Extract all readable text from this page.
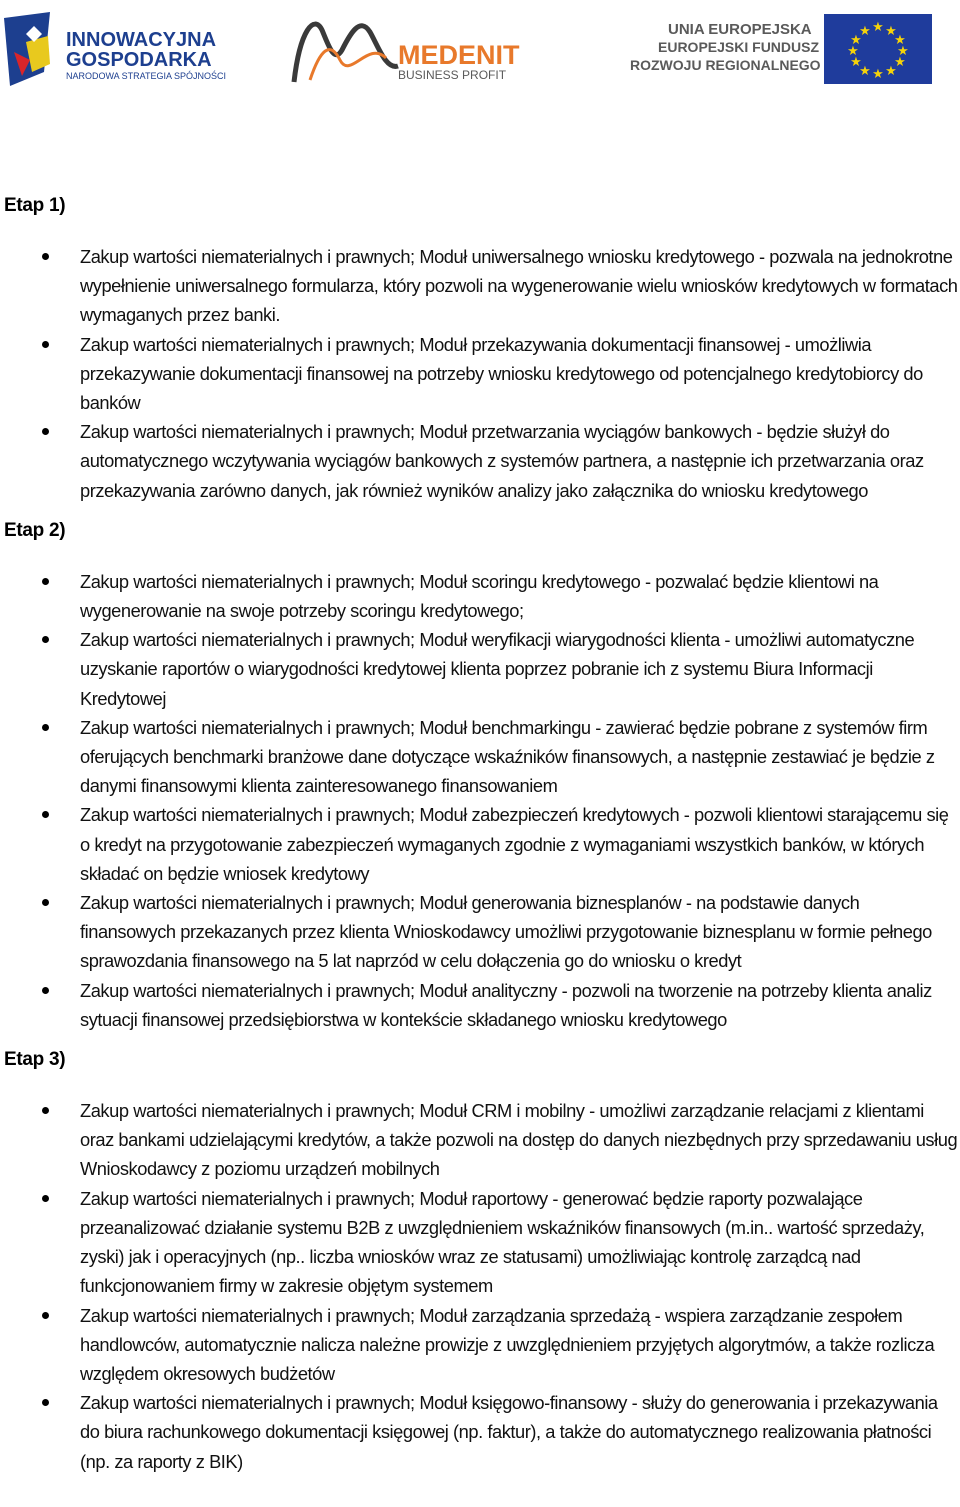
INNOWACYJNA
GOSPODARKA
NARODOWA STRATEGIA SPÓJNOŚCI
MEDENIT
BUSINESS PROFIT
UNIA EUROPEJSKA
EUROPEJSKI FUNDUSZ
ROZWOJU REGIONALNEGO
★ ★
★
★
★
★
★
★
★
★
★
★
Etap 1)
Zakup wartości niematerialnych i prawnych; Moduł uniwersalnego wniosku kredytowego - pozwala na jednokrotne wypełnienie uniwersalnego formularza, który pozwoli na wygenerowanie wielu wniosków kredytowych w formatach wymaganych przez banki.
Zakup wartości niematerialnych i prawnych; Moduł przekazywania dokumentacji finansowej - umożliwia przekazywanie dokumentacji finansowej na potrzeby wniosku kredytowego od potencjalnego kredytobiorcy do banków
Zakup wartości niematerialnych i prawnych; Moduł przetwarzania wyciągów bankowych - będzie służył do automatycznego wczytywania wyciągów bankowych z systemów partnera, a następnie ich przetwarzania oraz przekazywania zarówno danych, jak również wyników analizy jako załącznika do wniosku kredytowego
Etap 2)
Zakup wartości niematerialnych i prawnych; Moduł scoringu kredytowego - pozwalać będzie klientowi na wygenerowanie na swoje potrzeby scoringu kredytowego;
Zakup wartości niematerialnych i prawnych; Moduł weryfikacji wiarygodności klienta - umożliwi automatyczne uzyskanie raportów o wiarygodności kredytowej klienta poprzez pobranie ich z systemu Biura Informacji Kredytowej
Zakup wartości niematerialnych i prawnych; Moduł benchmarkingu - zawierać będzie pobrane z systemów firm oferujących benchmarki branżowe dane dotyczące wskaźników finansowych, a następnie zestawiać je będzie z danymi finansowymi klienta zainteresowanego finansowaniem
Zakup wartości niematerialnych i prawnych; Moduł zabezpieczeń kredytowych - pozwoli klientowi starającemu się o kredyt na przygotowanie zabezpieczeń wymaganych zgodnie z wymaganiami wszystkich banków, w których składać on będzie wniosek kredytowy
Zakup wartości niematerialnych i prawnych; Moduł generowania biznesplanów - na podstawie danych finansowych przekazanych przez klienta Wnioskodawcy umożliwi przygotowanie biznesplanu w formie pełnego sprawozdania finansowego na 5 lat naprzód w celu dołączenia go do wniosku o kredyt
Zakup wartości niematerialnych i prawnych; Moduł analityczny - pozwoli na tworzenie na potrzeby klienta analiz sytuacji finansowej przedsiębiorstwa w kontekście składanego wniosku kredytowego
Etap 3)
Zakup wartości niematerialnych i prawnych; Moduł CRM i mobilny - umożliwi zarządzanie relacjami z klientami oraz bankami udzielającymi kredytów, a także pozwoli na dostęp do danych niezbędnych przy sprzedawaniu usług Wnioskodawcy z poziomu urządzeń mobilnych
Zakup wartości niematerialnych i prawnych; Moduł raportowy - generować będzie raporty pozwalające przeanalizować działanie systemu B2B z uwzględnieniem wskaźników finansowych (m.in.. wartość sprzedaży, zyski) jak i operacyjnych (np.. liczba wniosków wraz ze statusami) umożliwiając kontrolę zarządcą nad funkcjonowaniem firmy w zakresie objętym systemem
Zakup wartości niematerialnych i prawnych; Moduł zarządzania sprzedażą - wspiera zarządzanie zespołem handlowców, automatycznie nalicza należne prowizje z uwzględnieniem przyjętych algorytmów, a także rozlicza względem okresowych budżetów
Zakup wartości niematerialnych i prawnych; Moduł księgowo-finansowy - służy do generowania i przekazywania do biura rachunkowego dokumentacji księgowej (np. faktur), a także do automatycznego realizowania płatności (np. za raporty z BIK)
